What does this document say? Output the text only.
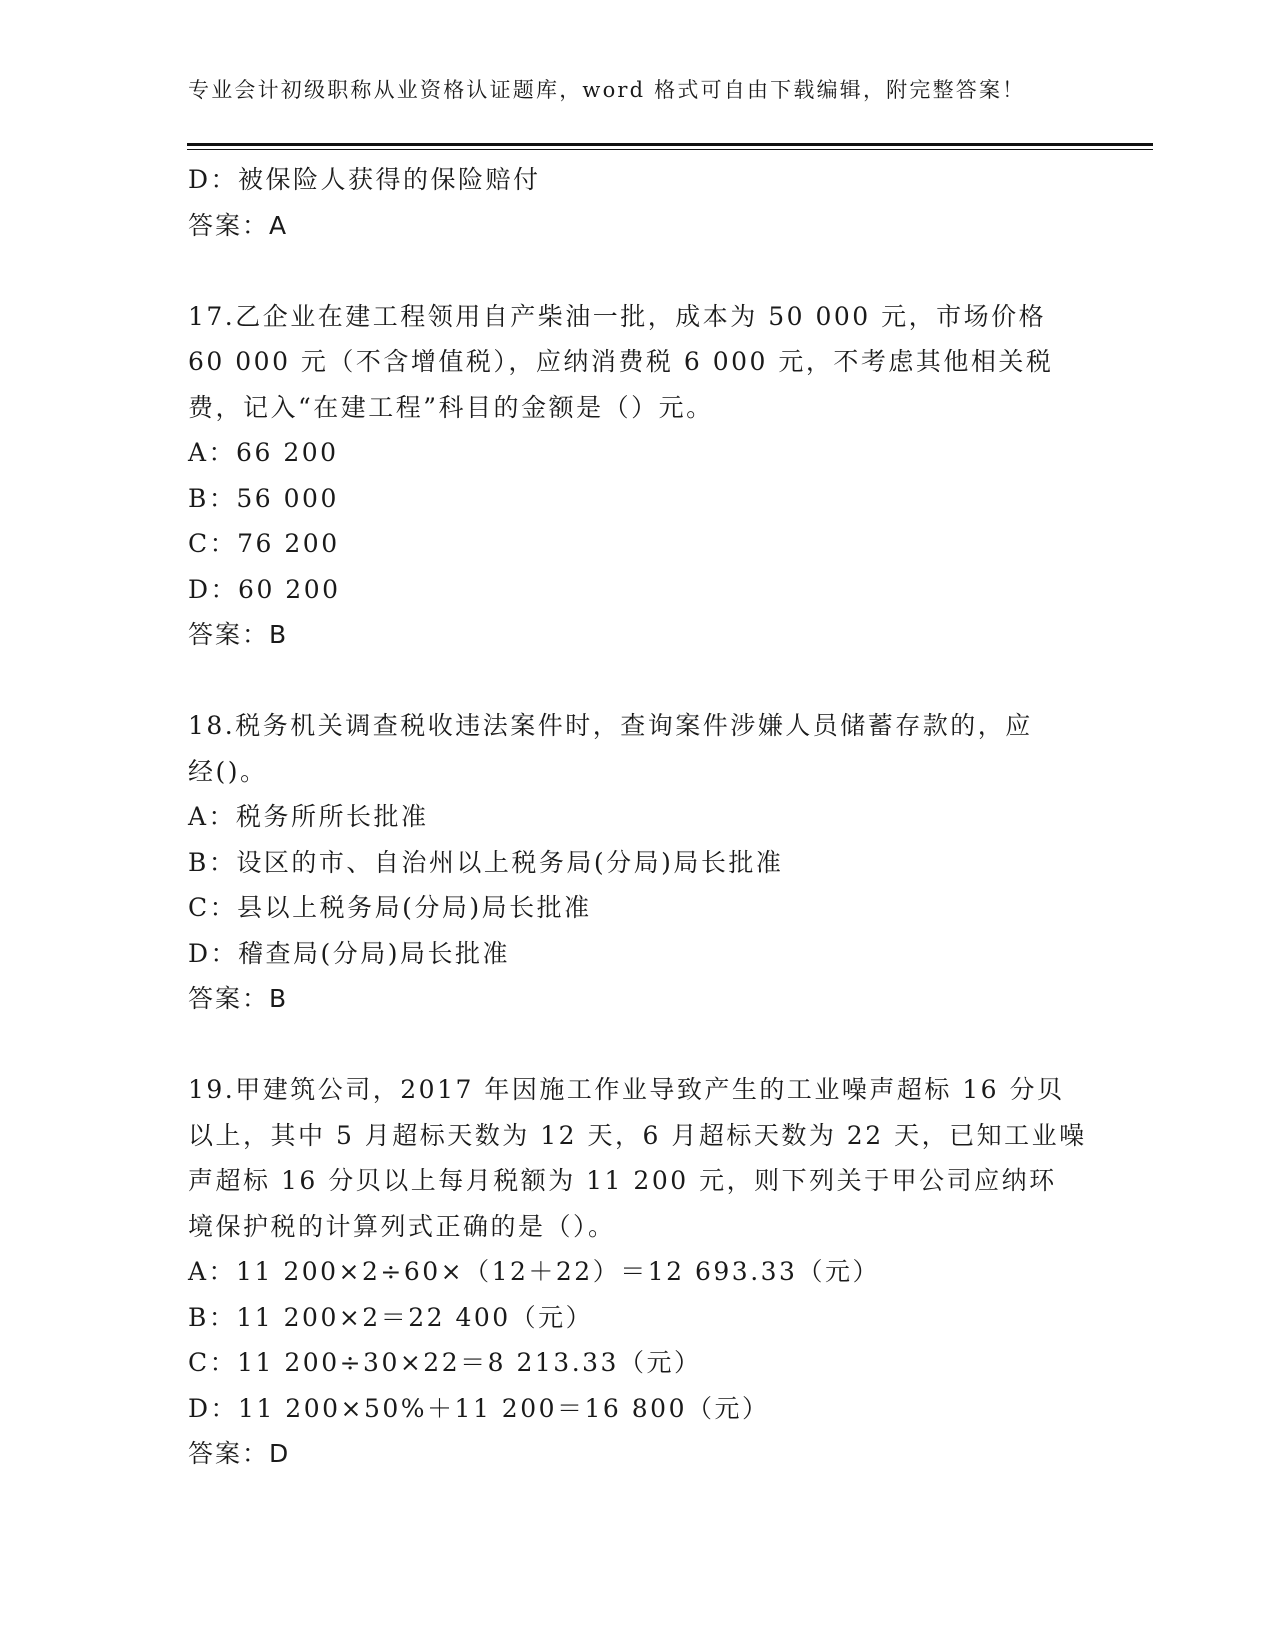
专业会计初级职称从业资格认证题库，word 格式可自由下载编辑，附完整答案！
D：被保险人获得的保险赔付
答案：A
17.乙企业在建工程领用自产柴油一批，成本为 50 000 元，市场价格
60 000 元（不含增值税），应纳消费税 6 000 元，不考虑其他相关税
费，记入“在建工程”科目的金额是（）元。
A：66 200
B：56 000
C：76 200
D：60 200
答案：B
18.税务机关调查税收违法案件时，查询案件涉嫌人员储蓄存款的，应
经()。
A：税务所所长批准
B：设区的市、自治州以上税务局(分局)局长批准
C：县以上税务局(分局)局长批准
D：稽查局(分局)局长批准
答案：B
19.甲建筑公司，2017 年因施工作业导致产生的工业噪声超标 16 分贝
以上，其中 5 月超标天数为 12 天，6 月超标天数为 22 天，已知工业噪
声超标 16 分贝以上每月税额为 11 200 元，则下列关于甲公司应纳环
境保护税的计算列式正确的是（）。
A：11 200×2÷60×（12＋22）＝12 693.33（元）
B：11 200×2＝22 400（元）
C：11 200÷30×22＝8 213.33（元）
D：11 200×50%＋11 200＝16 800（元）
答案：D
